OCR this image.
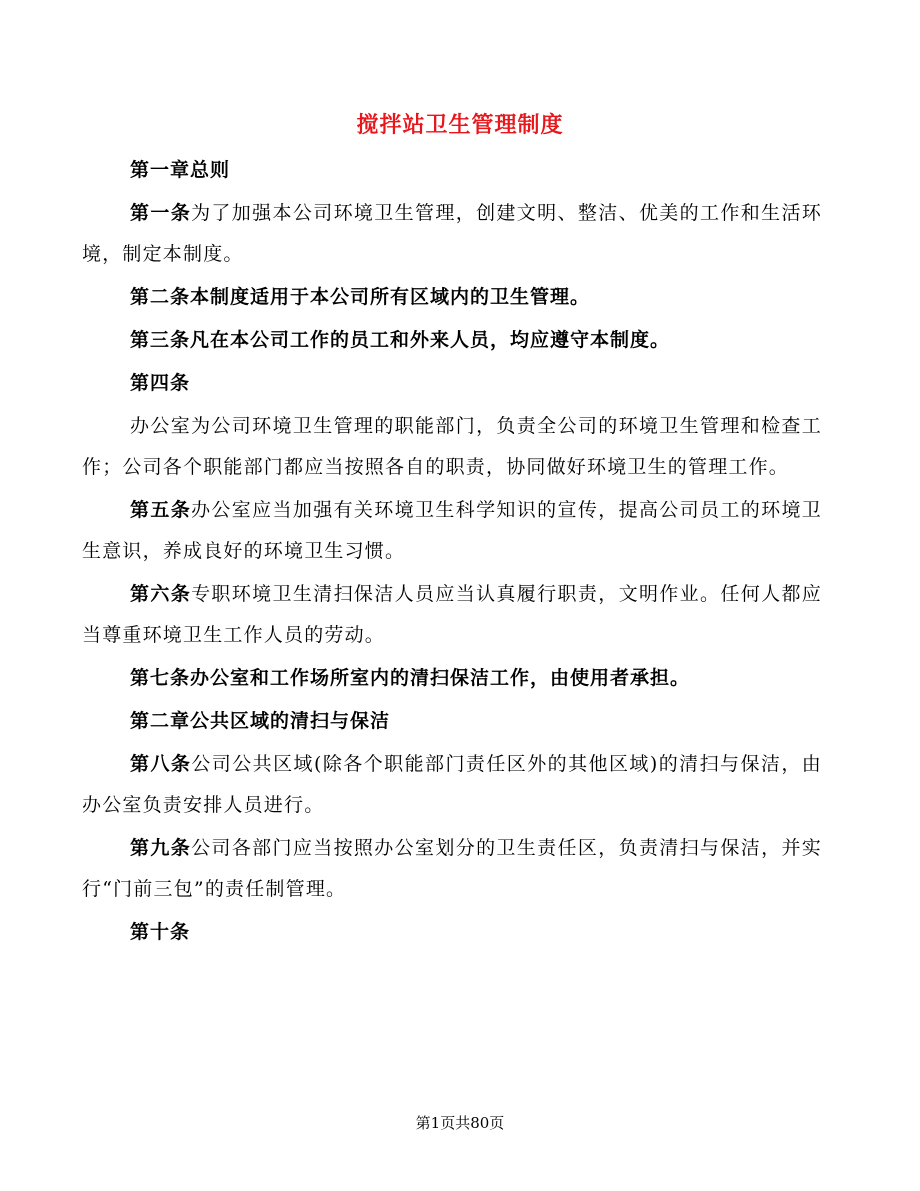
搅拌站卫生管理制度

第一章总则

第一条为了加强本公司环境卫生管理，创建文明、整洁、优美的工作和生活环境，制定本制度。

第二条本制度适用于本公司所有区域内的卫生管理。

第三条凡在本公司工作的员工和外来人员，均应遵守本制度。

第四条

办公室为公司环境卫生管理的职能部门，负责全公司的环境卫生管理和检查工作；公司各个职能部门都应当按照各自的职责，协同做好环境卫生的管理工作。

第五条办公室应当加强有关环境卫生科学知识的宣传，提高公司员工的环境卫生意识，养成良好的环境卫生习惯。

第六条专职环境卫生清扫保洁人员应当认真履行职责，文明作业。任何人都应当尊重环境卫生工作人员的劳动。

第七条办公室和工作场所室内的清扫保洁工作，由使用者承担。

第二章公共区域的清扫与保洁

第八条公司公共区域(除各个职能部门责任区外的其他区域)的清扫与保洁，由办公室负责安排人员进行。

第九条公司各部门应当按照办公室划分的卫生责任区，负责清扫与保洁，并实行“门前三包”的责任制管理。

第十条

第1页共80页
